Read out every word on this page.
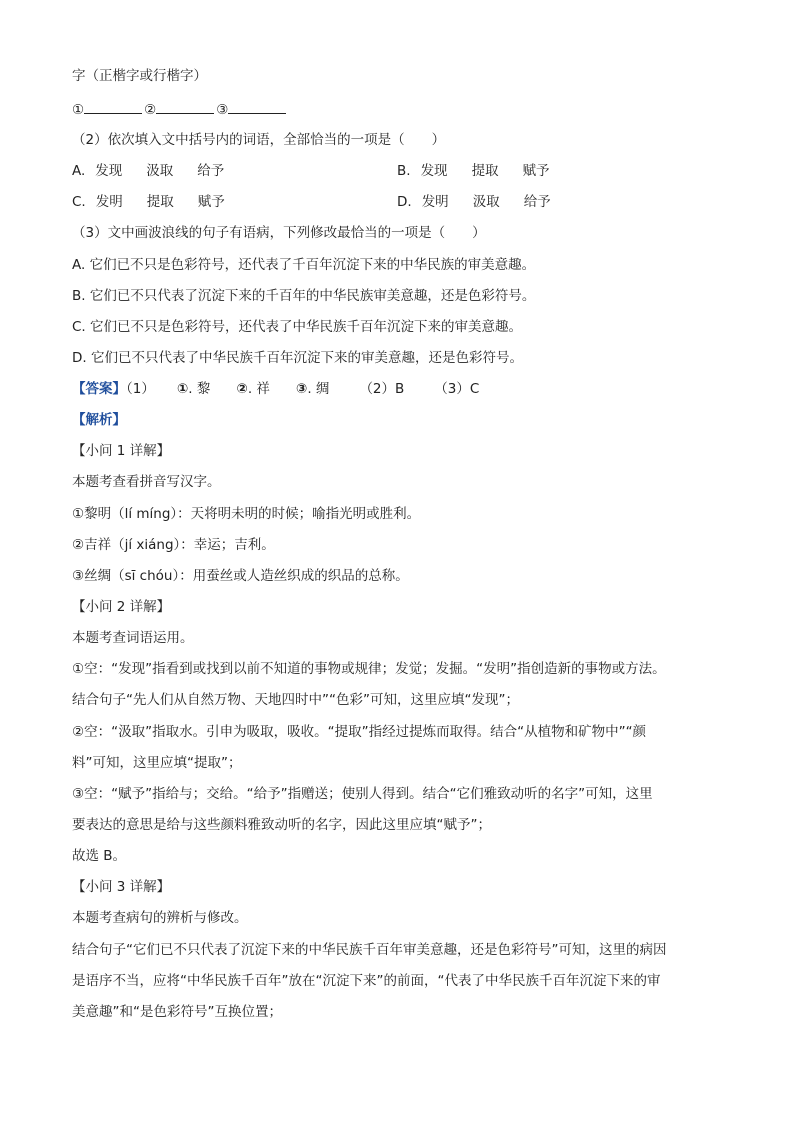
字（正楷字或行楷字）
①	②	③
（2）依次填入文中括号内的词语，全部恰当的一项是（　　）
A. 发现 汲取 给予	B. 发现 提取 赋予
C. 发明 提取 赋予	D. 发明 汲取 给予
（3）文中画波浪线的句子有语病，下列修改最恰当的一项是（　　）
A. 它们已不只是色彩符号，还代表了千百年沉淀下来的中华民族的审美意趣。
B. 它们已不只代表了沉淀下来的千百年的中华民族审美意趣，还是色彩符号。
C. 它们已不只是色彩符号，还代表了中华民族千百年沉淀下来的审美意趣。
D. 它们已不只代表了中华民族千百年沉淀下来的审美意趣，还是色彩符号。
【答案】（1） ①. 黎 ②. 祥 ③. 绸 （2）B （3）C
【解析】
【小问 1 详解】
本题考查看拼音写汉字。
①黎明（lí míng）：天将明未明的时候；喻指光明或胜利。
②吉祥（jí xiáng）：幸运；吉利。
③丝绸（sī chóu）：用蚕丝或人造丝织成的织品的总称。
【小问 2 详解】
本题考查词语运用。
①空：“发现”指看到或找到以前不知道的事物或规律；发觉；发掘。“发明”指创造新的事物或方法。
结合句子“先人们从自然万物、天地四时中”“色彩”可知，这里应填“发现”；
②空：“汲取”指取水。引申为吸取，吸收。“提取”指经过提炼而取得。结合“从植物和矿物中”“颜
料”可知，这里应填“提取”；
③空：“赋予”指给与；交给。“给予”指赠送；使别人得到。结合“它们雅致动听的名字”可知，这里
要表达的意思是给与这些颜料雅致动听的名字，因此这里应填“赋予”；
故选 B。
【小问 3 详解】
本题考查病句的辨析与修改。
结合句子“它们已不只代表了沉淀下来的中华民族千百年审美意趣，还是色彩符号”可知，这里的病因
是语序不当，应将“中华民族千百年”放在“沉淀下来”的前面，“代表了中华民族千百年沉淀下来的审
美意趣”和“是色彩符号”互换位置；
